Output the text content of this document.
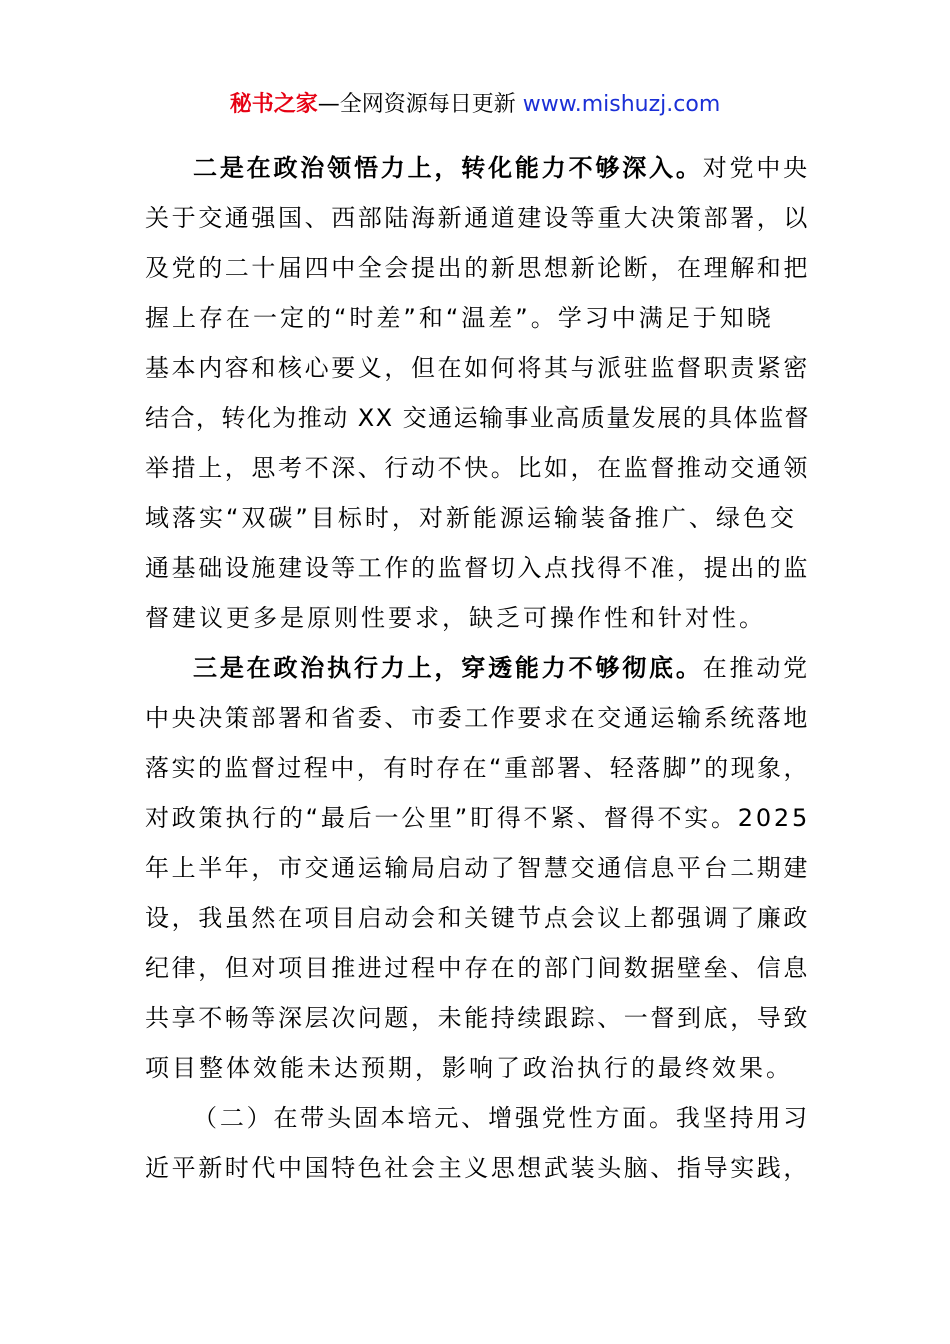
秘书之家—全网资源每日更新 www.mishuzj.com
二是在政治领悟力上，转化能力不够深入。对党中央
关于交通强国、西部陆海新通道建设等重大决策部署，以
及党的二十届四中全会提出的新思想新论断，在理解和把
握上存在一定的“时差”和“温差”。学习中满足于知晓
基本内容和核心要义，但在如何将其与派驻监督职责紧密
结合，转化为推动 XX 交通运输事业高质量发展的具体监督
举措上，思考不深、行动不快。比如，在监督推动交通领
域落实“双碳”目标时，对新能源运输装备推广、绿色交
通基础设施建设等工作的监督切入点找得不准，提出的监
督建议更多是原则性要求，缺乏可操作性和针对性。
三是在政治执行力上，穿透能力不够彻底。在推动党
中央决策部署和省委、市委工作要求在交通运输系统落地
落实的监督过程中，有时存在“重部署、轻落脚”的现象，
对政策执行的“最后一公里”盯得不紧、督得不实。2025
年上半年，市交通运输局启动了智慧交通信息平台二期建
设，我虽然在项目启动会和关键节点会议上都强调了廉政
纪律，但对项目推进过程中存在的部门间数据壁垒、信息
共享不畅等深层次问题，未能持续跟踪、一督到底，导致
项目整体效能未达预期，影响了政治执行的最终效果。
（二）在带头固本培元、增强党性方面。我坚持用习
近平新时代中国特色社会主义思想武装头脑、指导实践，
